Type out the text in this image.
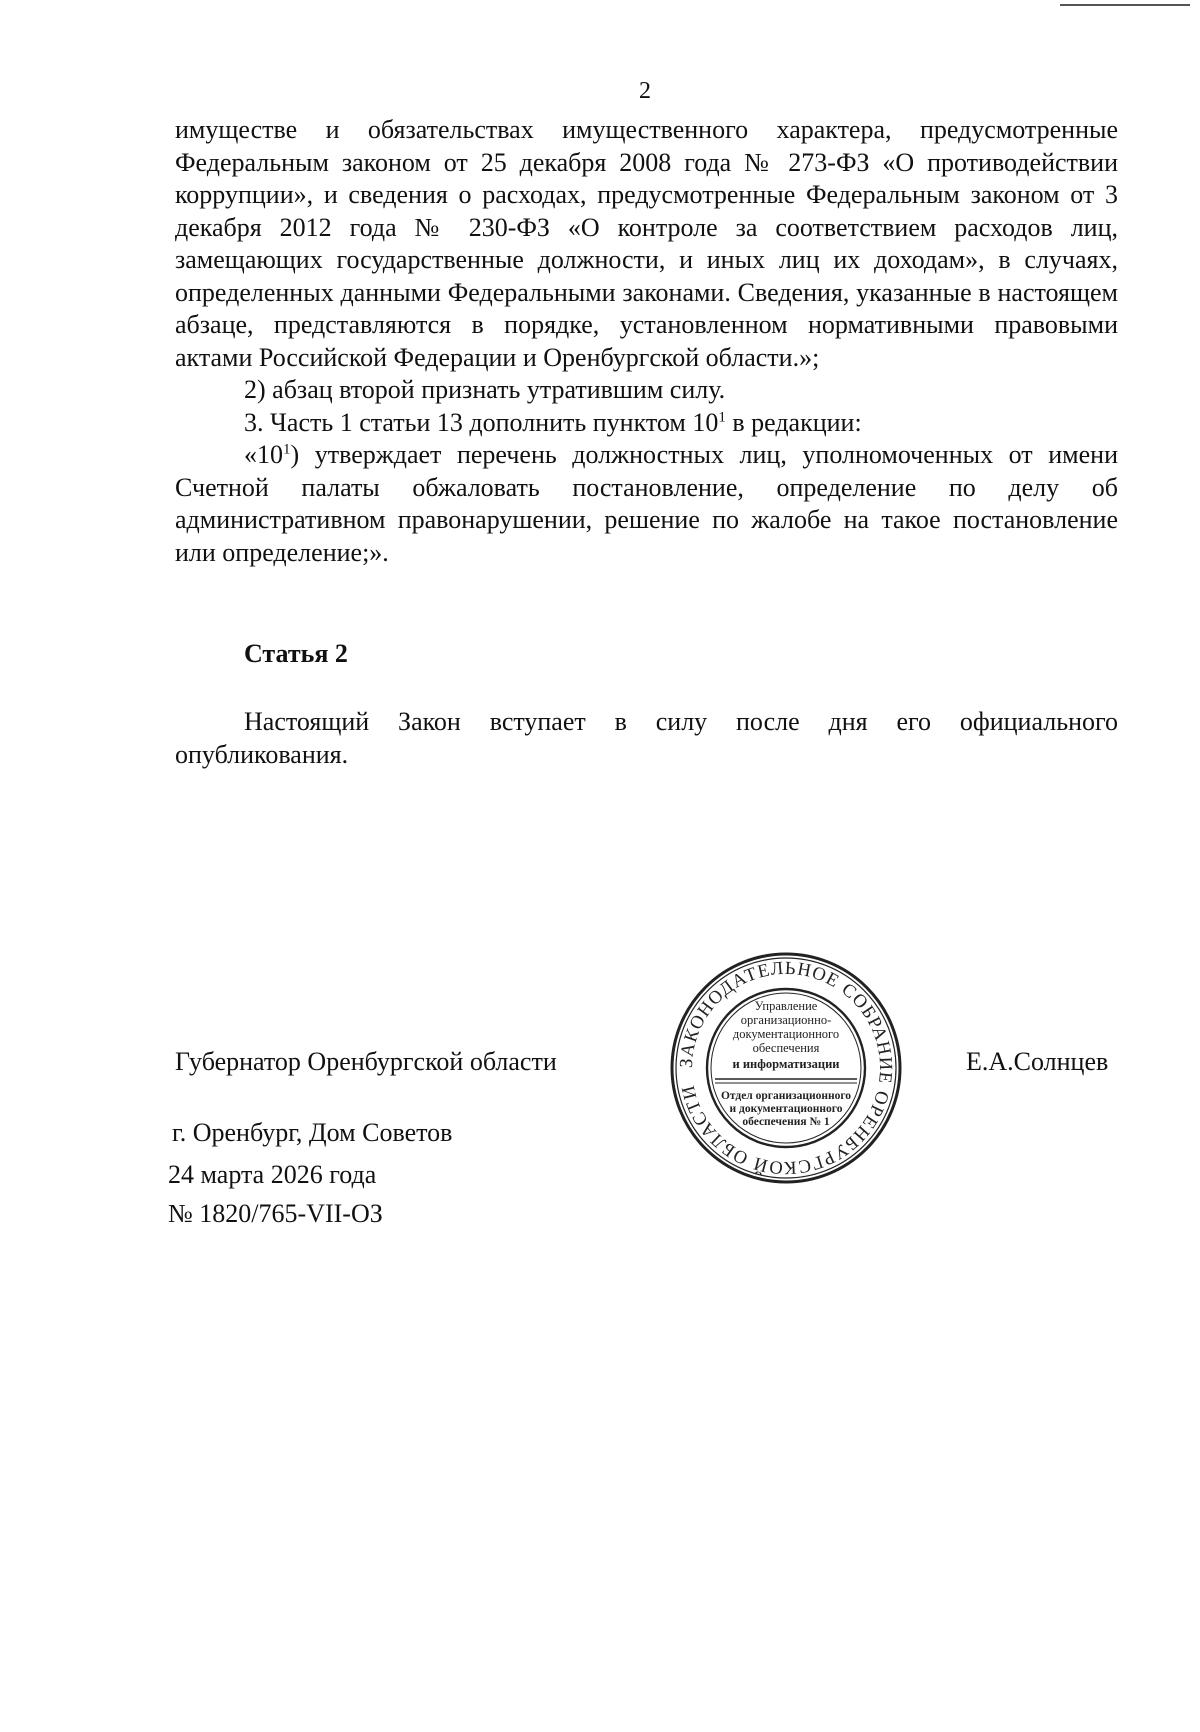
2

имуществе и обязательствах имущественного характера, предусмотренные Федеральным законом от 25 декабря 2008 года № 273-ФЗ «О противодействии коррупции», и сведения о расходах, предусмотренные Федеральным законом от 3 декабря 2012 года № 230-ФЗ «О контроле за соответствием расходов лиц, замещающих государственные должности, и иных лиц их доходам», в случаях, определенных данными Федеральными законами. Сведения, указанные в настоящем абзаце, представляются в порядке, установленном нормативными правовыми актами Российской Федерации и Оренбургской области.»;

2) абзац второй признать утратившим силу.

3. Часть 1 статьи 13 дополнить пунктом $10^1$ в редакции:

«$10^1$) утверждает перечень должностных лиц, уполномоченных от имени Счетной палаты обжаловать постановление, определение по делу об административном правонарушении, решение по жалобе на такое постановление или определение;».

Статья 2

Настоящий Закон вступает в силу после дня его официального опубликования.

Губернатор Оренбургской области	Е.А.Солнцев
ЗАКОНОДАТЕЛЬНОЕ СОБРАНИЕ ОРЕНБУРГСКОЙ ОБЛАСТИ
Управление
организационно-
документационного
обеспечения
и информатизации
Отдел организационного
и документационного
обеспечения № 1
г. Оренбург, Дом Советов
24 марта 2026 года
№ 1820/765-VII-ОЗ
